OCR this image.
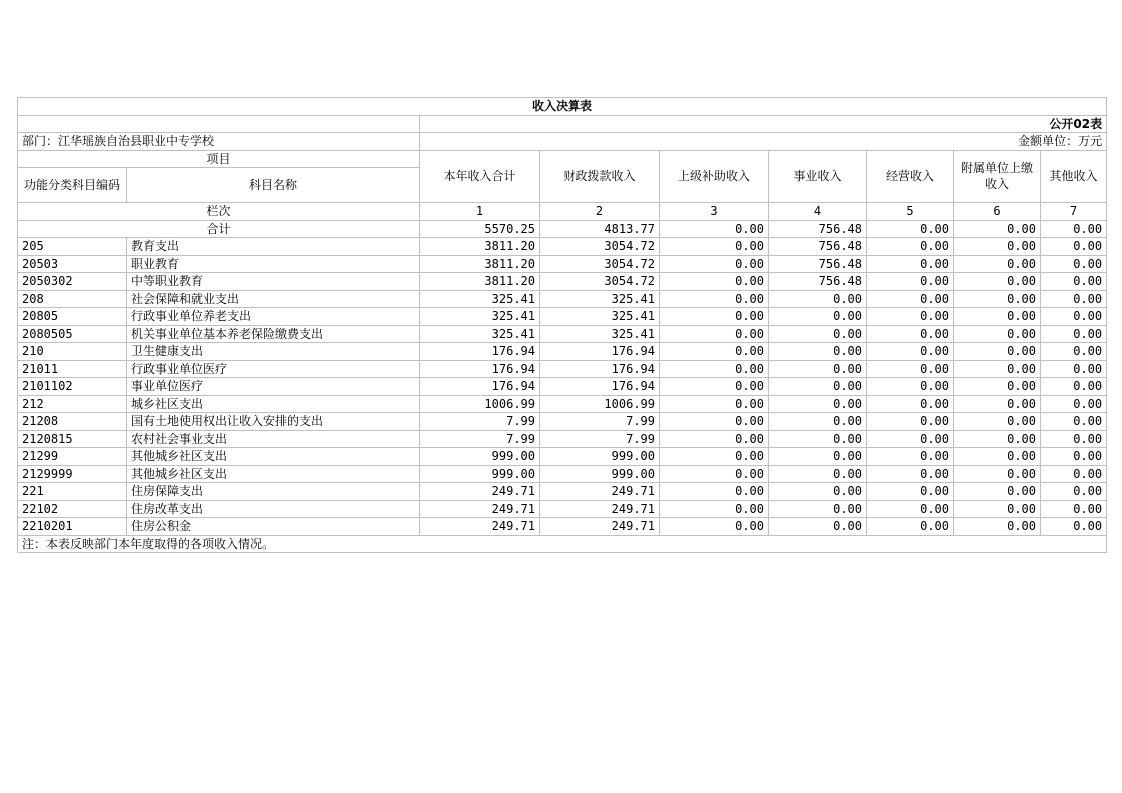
收入决算表								
		公开02表						
部门：江华瑶族自治县职业中专学校		金额单位：万元						
项目		本年收入合计	财政拨款收入	上级补助收入	事业收入	经营收入	附属单位上缴收入	其他收入
功能分类科目编码	科目名称							
栏次		1	2	3	4	5	6	7
合计		5570.25	4813.77	0.00	756.48	0.00	0.00	0.00
205	教育支出	3811.20	3054.72	0.00	756.48	0.00	0.00	0.00
20503	职业教育	3811.20	3054.72	0.00	756.48	0.00	0.00	0.00
2050302	中等职业教育	3811.20	3054.72	0.00	756.48	0.00	0.00	0.00
208	社会保障和就业支出	325.41	325.41	0.00	0.00	0.00	0.00	0.00
20805	行政事业单位养老支出	325.41	325.41	0.00	0.00	0.00	0.00	0.00
2080505	机关事业单位基本养老保险缴费支出	325.41	325.41	0.00	0.00	0.00	0.00	0.00
210	卫生健康支出	176.94	176.94	0.00	0.00	0.00	0.00	0.00
21011	行政事业单位医疗	176.94	176.94	0.00	0.00	0.00	0.00	0.00
2101102	事业单位医疗	176.94	176.94	0.00	0.00	0.00	0.00	0.00
212	城乡社区支出	1006.99	1006.99	0.00	0.00	0.00	0.00	0.00
21208	国有土地使用权出让收入安排的支出	7.99	7.99	0.00	0.00	0.00	0.00	0.00
2120815	农村社会事业支出	7.99	7.99	0.00	0.00	0.00	0.00	0.00
21299	其他城乡社区支出	999.00	999.00	0.00	0.00	0.00	0.00	0.00
2129999	其他城乡社区支出	999.00	999.00	0.00	0.00	0.00	0.00	0.00
221	住房保障支出	249.71	249.71	0.00	0.00	0.00	0.00	0.00
22102	住房改革支出	249.71	249.71	0.00	0.00	0.00	0.00	0.00
2210201	住房公积金	249.71	249.71	0.00	0.00	0.00	0.00	0.00
注：本表反映部门本年度取得的各项收入情况。								
